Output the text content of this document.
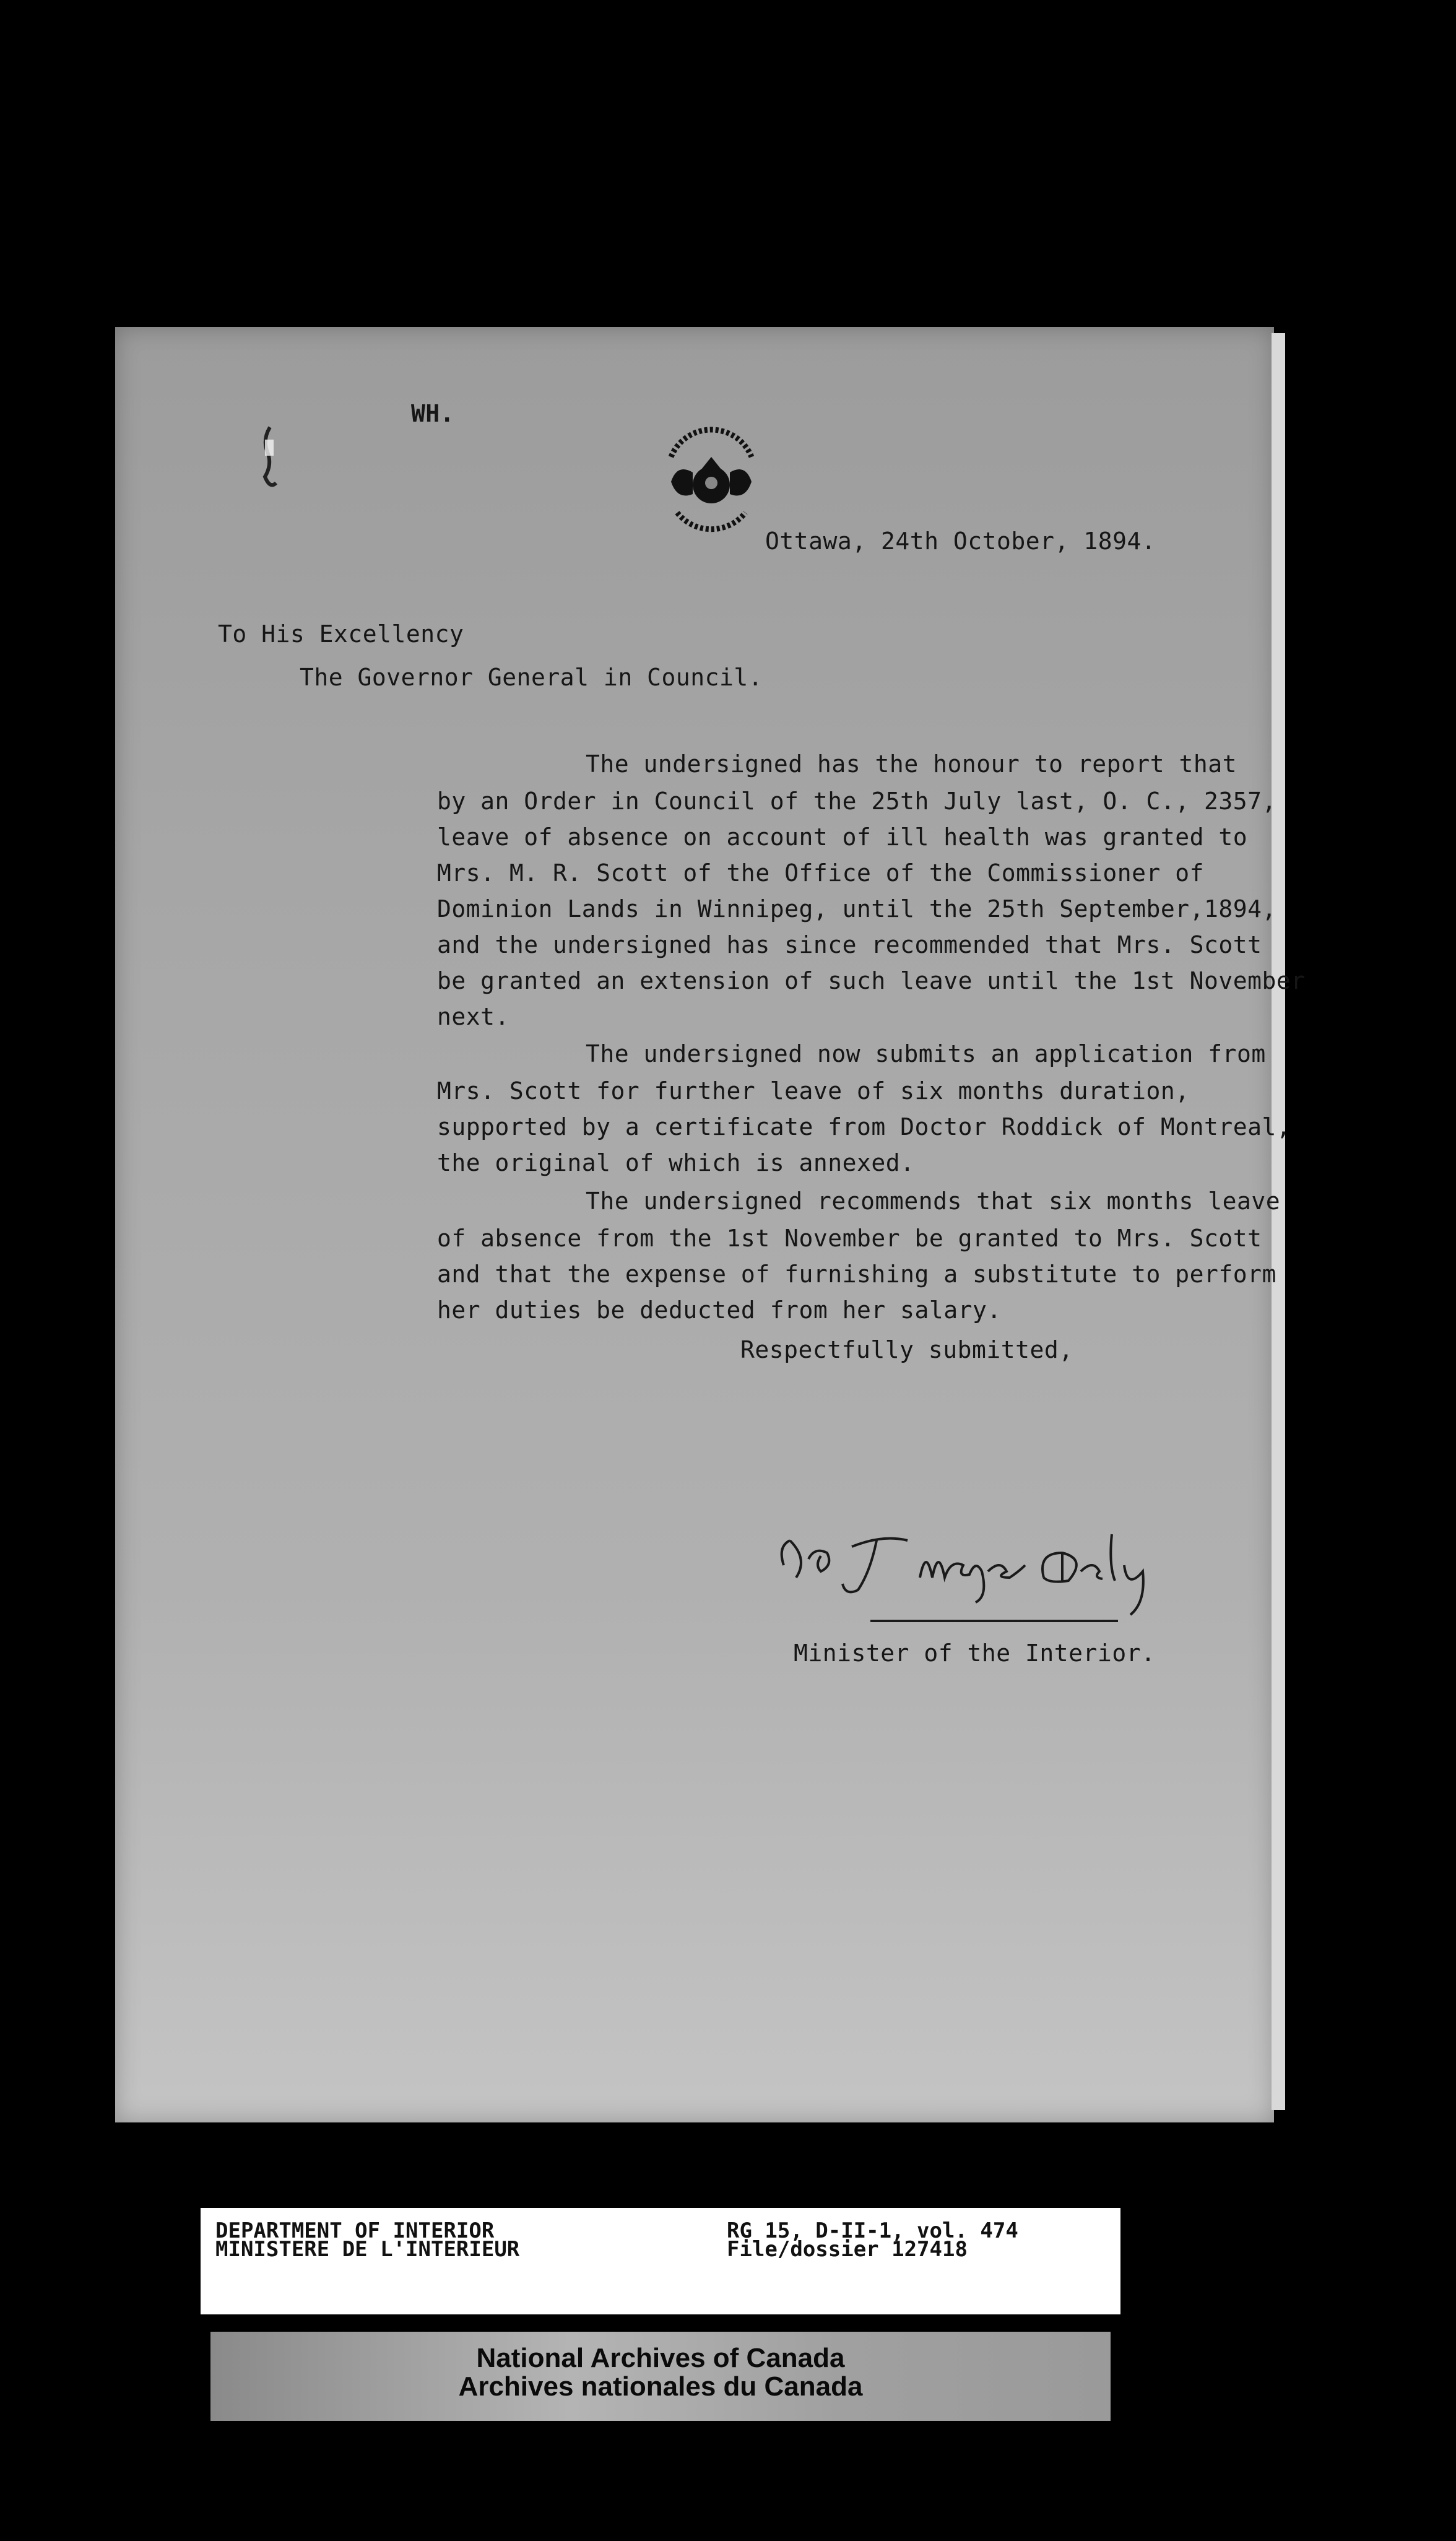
WH.
Ottawa, 24th October, 1894.
To His Excellency
The Governor General in Council.
The undersigned has the honour to report that
by an Order in Council of the 25th July last, O. C., 2357,
leave of absence on account of ill health was granted to
Mrs. M. R. Scott of the Office of the Commissioner of
Dominion Lands in Winnipeg, until the 25th September,1894,
and the undersigned has since recommended that Mrs. Scott
be granted an extension of such leave until the 1st November
next.
The undersigned now submits an application from
Mrs. Scott for further leave of six months duration,
supported by a certificate from Doctor Roddick of Montreal,
the original of which is annexed.
The undersigned recommends that six months leave
of absence from the 1st November be granted to Mrs. Scott
and that the expense of furnishing a substitute to perform
her duties be deducted from her salary.
Respectfully submitted,
Minister of the Interior.
DEPARTMENT OF INTERIOR
MINISTERE DE L'INTERIEUR
RG 15, D-II-1, vol. 474
File/dossier 127418
National Archives of Canada
Archives nationales du Canada
